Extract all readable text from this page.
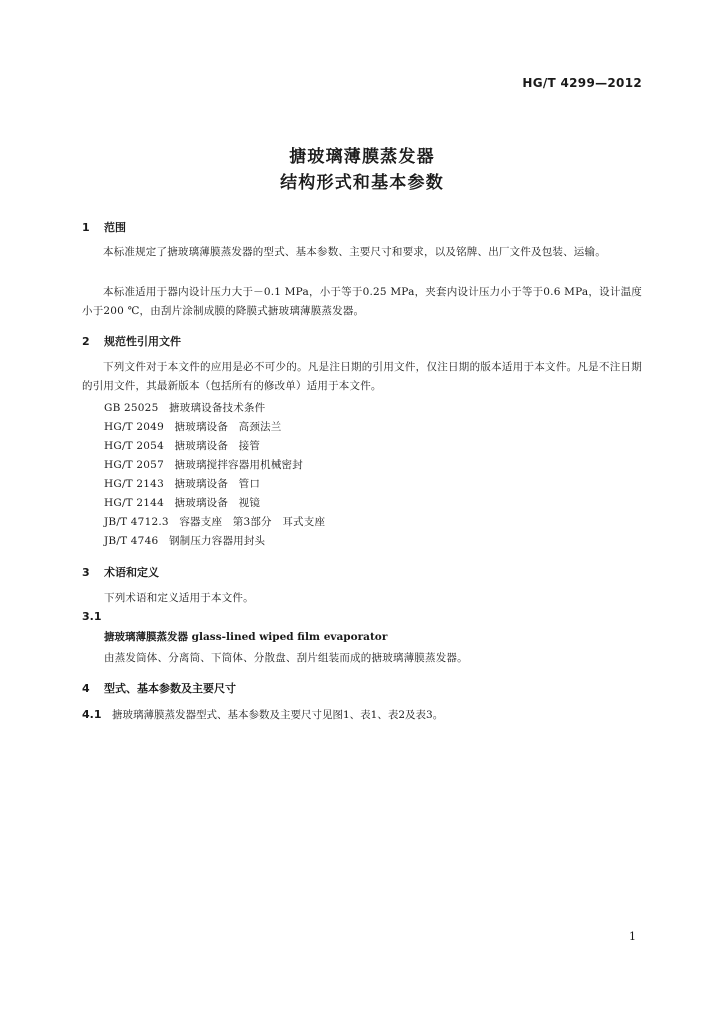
HG/T 4299—2012
搪玻璃薄膜蒸发器
结构形式和基本参数
1 范围
本标准规定了搪玻璃薄膜蒸发器的型式、基本参数、主要尺寸和要求，以及铭牌、出厂文件及包装、运输。
本标准适用于器内设计压力大于－0.1 MPa，小于等于0.25 MPa，夹套内设计压力小于等于0.6 MPa，设计温度小于200 ℃，由刮片涂制成膜的降膜式搪玻璃薄膜蒸发器。
2 规范性引用文件
下列文件对于本文件的应用是必不可少的。凡是注日期的引用文件，仅注日期的版本适用于本文件。凡是不注日期的引用文件，其最新版本（包括所有的修改单）适用于本文件。
GB 25025   搪玻璃设备技术条件
HG/T 2049   搪玻璃设备   高颈法兰
HG/T 2054   搪玻璃设备   接管
HG/T 2057   搪玻璃搅拌容器用机械密封
HG/T 2143   搪玻璃设备   管口
HG/T 2144   搪玻璃设备   视镜
JB/T 4712.3   容器支座   第3部分   耳式支座
JB/T 4746   钢制压力容器用封头
3 术语和定义
下列术语和定义适用于本文件。
3.1
搪玻璃薄膜蒸发器 glass-lined wiped film evaporator
由蒸发筒体、分离筒、下筒体、分散盘、刮片组装而成的搪玻璃薄膜蒸发器。
4 型式、基本参数及主要尺寸
4.1 搪玻璃薄膜蒸发器型式、基本参数及主要尺寸见图1、表1、表2及表3。
1
